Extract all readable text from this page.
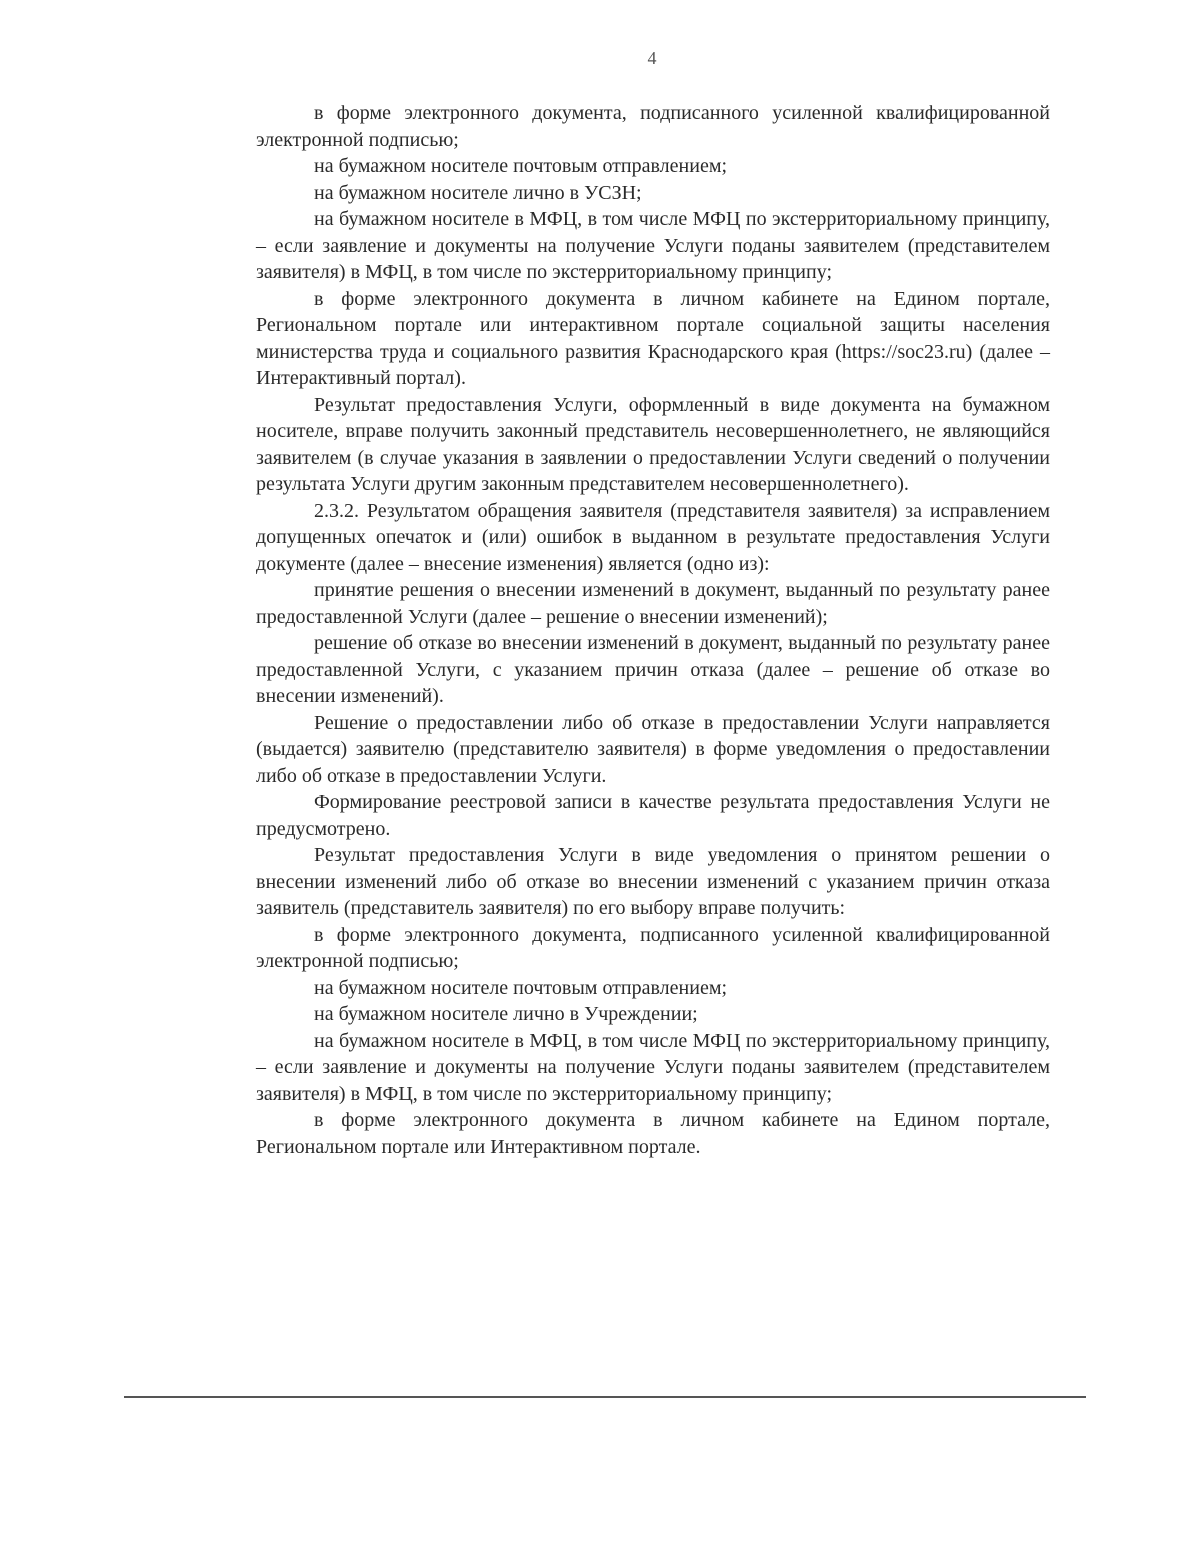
4

в форме электронного документа, подписанного усиленной квалифицированной электронной подписью;

на бумажном носителе почтовым отправлением;

на бумажном носителе лично в УСЗН;

на бумажном носителе в МФЦ, в том числе МФЦ по экстерриториальному принципу, – если заявление и документы на получение Услуги поданы заявителем (представителем заявителя) в МФЦ, в том числе по экстерриториальному принципу;

в форме электронного документа в личном кабинете на Едином портале, Региональном портале или интерактивном портале социальной защиты населения министерства труда и социального развития Краснодарского края (https://soc23.ru) (далее – Интерактивный портал).

Результат предоставления Услуги, оформленный в виде документа на бумажном носителе, вправе получить законный представитель несовершеннолетнего, не являющийся заявителем (в случае указания в заявлении о предоставлении Услуги сведений о получении результата Услуги другим законным представителем несовершеннолетнего).

2.3.2. Результатом обращения заявителя (представителя заявителя) за исправлением допущенных опечаток и (или) ошибок в выданном в результате предоставления Услуги документе (далее – внесение изменения) является (одно из):

принятие решения о внесении изменений в документ, выданный по результату ранее предоставленной Услуги (далее – решение о внесении изменений);

решение об отказе во внесении изменений в документ, выданный по результату ранее предоставленной Услуги, с указанием причин отказа (далее – решение об отказе во внесении изменений).

Решение о предоставлении либо об отказе в предоставлении Услуги направляется (выдается) заявителю (представителю заявителя) в форме уведомления о предоставлении либо об отказе в предоставлении Услуги.

Формирование реестровой записи в качестве результата предоставления Услуги не предусмотрено.

Результат предоставления Услуги в виде уведомления о принятом решении о внесении изменений либо об отказе во внесении изменений с указанием причин отказа заявитель (представитель заявителя) по его выбору вправе получить:

в форме электронного документа, подписанного усиленной квалифицированной электронной подписью;

на бумажном носителе почтовым отправлением;

на бумажном носителе лично в Учреждении;

на бумажном носителе в МФЦ, в том числе МФЦ по экстерриториальному принципу, – если заявление и документы на получение Услуги поданы заявителем (представителем заявителя) в МФЦ, в том числе по экстерриториальному принципу;

в форме электронного документа в личном кабинете на Едином портале, Региональном портале или Интерактивном портале.
